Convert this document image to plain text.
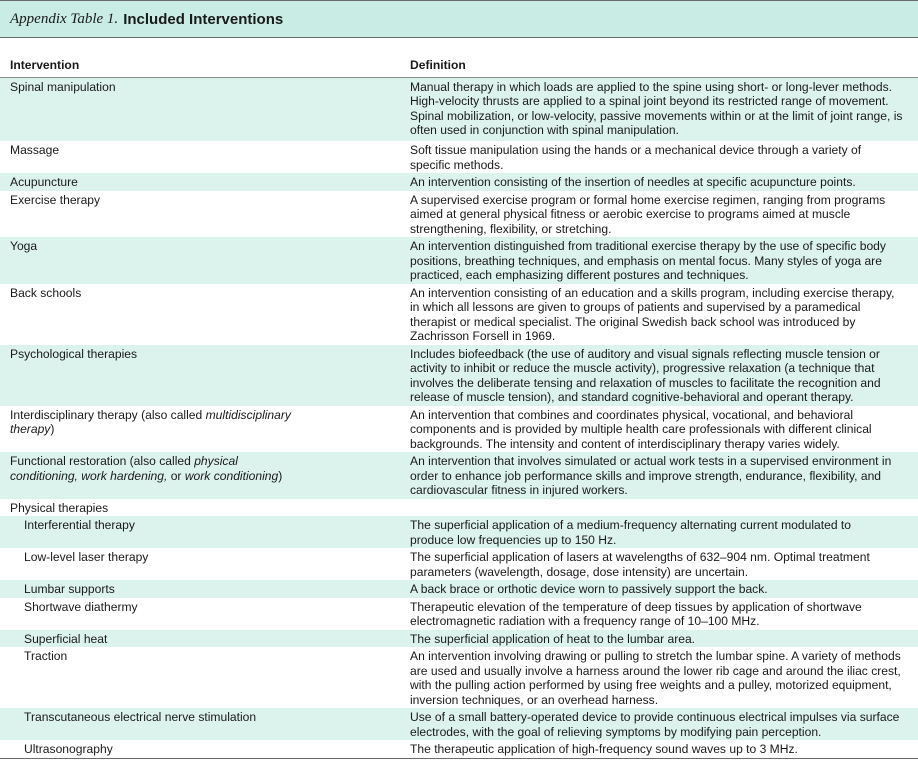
Appendix Table 1. Included Interventions
Intervention	Definition
Spinal manipulation	Manual therapy in which loads are applied to the spine using short- or long-lever methods. High-velocity thrusts are applied to a spinal joint beyond its restricted range of movement. Spinal mobilization, or low-velocity, passive movements within or at the limit of joint range, is often used in conjunction with spinal manipulation.
Massage	Soft tissue manipulation using the hands or a mechanical device through a variety of specific methods.
Acupuncture	An intervention consisting of the insertion of needles at specific acupuncture points.
Exercise therapy	A supervised exercise program or formal home exercise regimen, ranging from programs aimed at general physical fitness or aerobic exercise to programs aimed at muscle strengthening, flexibility, or stretching.
Yoga	An intervention distinguished from traditional exercise therapy by the use of specific body positions, breathing techniques, and emphasis on mental focus. Many styles of yoga are practiced, each emphasizing different postures and techniques.
Back schools	An intervention consisting of an education and a skills program, including exercise therapy, in which all lessons are given to groups of patients and supervised by a paramedical therapist or medical specialist. The original Swedish back school was introduced by Zachrisson Forsell in 1969.
Psychological therapies	Includes biofeedback (the use of auditory and visual signals reflecting muscle tension or activity to inhibit or reduce the muscle activity), progressive relaxation (a technique that involves the deliberate tensing and relaxation of muscles to facilitate the recognition and release of muscle tension), and standard cognitive-behavioral and operant therapy.
Interdisciplinary therapy (also called multidisciplinary therapy)	An intervention that combines and coordinates physical, vocational, and behavioral components and is provided by multiple health care professionals with different clinical backgrounds. The intensity and content of interdisciplinary therapy varies widely.
Functional restoration (also called physical conditioning, work hardening, or work conditioning)	An intervention that involves simulated or actual work tests in a supervised environment in order to enhance job performance skills and improve strength, endurance, flexibility, and cardiovascular fitness in injured workers.
Physical therapies	
Interferential therapy	The superficial application of a medium-frequency alternating current modulated to produce low frequencies up to 150 Hz.
Low-level laser therapy	The superficial application of lasers at wavelengths of 632–904 nm. Optimal treatment parameters (wavelength, dosage, dose intensity) are uncertain.
Lumbar supports	A back brace or orthotic device worn to passively support the back.
Shortwave diathermy	Therapeutic elevation of the temperature of deep tissues by application of shortwave electromagnetic radiation with a frequency range of 10–100 MHz.
Superficial heat	The superficial application of heat to the lumbar area.
Traction	An intervention involving drawing or pulling to stretch the lumbar spine. A variety of methods are used and usually involve a harness around the lower rib cage and around the iliac crest, with the pulling action performed by using free weights and a pulley, motorized equipment, inversion techniques, or an overhead harness.
Transcutaneous electrical nerve stimulation	Use of a small battery-operated device to provide continuous electrical impulses via surface electrodes, with the goal of relieving symptoms by modifying pain perception.
Ultrasonography	The therapeutic application of high-frequency sound waves up to 3 MHz.
